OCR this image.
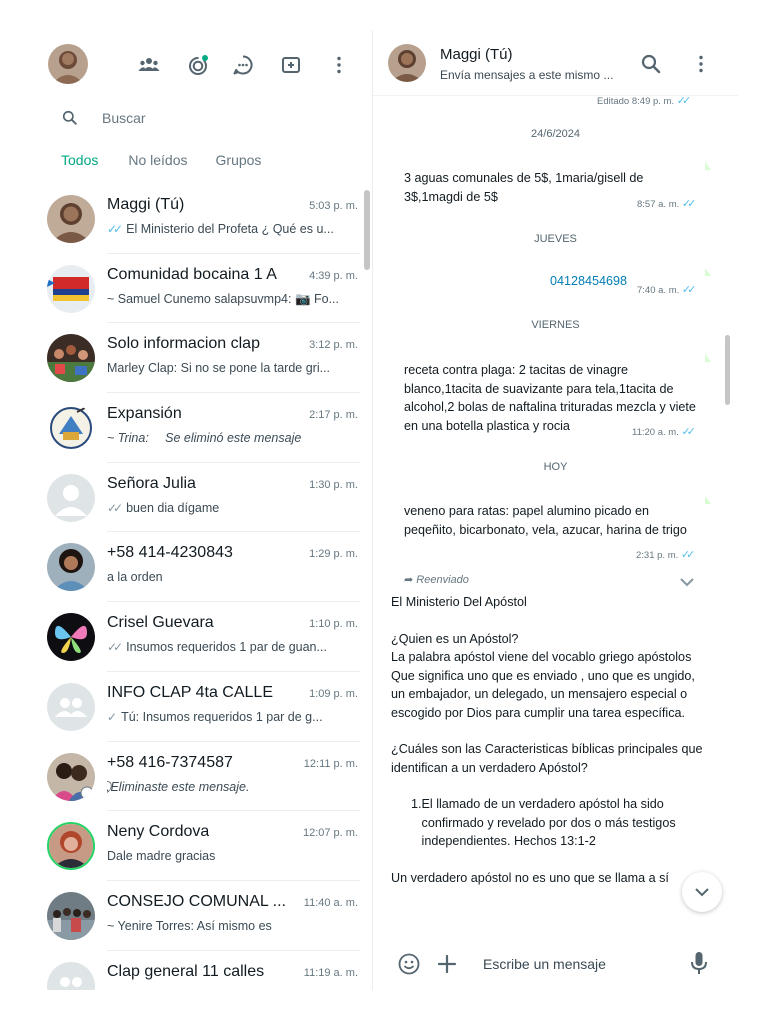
Buscar
Todos No leídos Grupos
Maggi (Tú)	5:03 p. m.
✓✓ El Ministerio del Profeta ¿ Qué es u...
Comunidad bocaina 1 A	4:39 p. m.
~ Samuel Cunemo salapsuvmp4: 📷 Fo...
Solo informacion clap	3:12 p. m.
Marley Clap: Si no se pone la tarde gri...
Expansión	2:17 p. m.
~ Trina: ⃠ Se eliminó este mensaje
Señora Julia	1:30 p. m.
✓✓ buen dia dígame
+58 414-4230843	1:29 p. m.
a la orden
Crisel Guevara	1:10 p. m.
✓✓ Insumos requeridos 1 par de guan...
INFO CLAP 4ta CALLE	1:09 p. m.
✓ Tú: Insumos requeridos 1 par de g...
+58 416-7374587	12:11 p. m.
⃠ Eliminaste este mensaje.
Neny Cordova	12:07 p. m.
Dale madre gracias
CONSEJO COMUNAL ... 11:40 a. m.
~ Yenire Torres: Así mismo es
Clap general 11 calles	11:19 a. m.
Maggi (Tú)
Envía mensajes a este mismo ...
Editado 8:49 p. m. ✓✓
24/6/2024
3 aguas comunales de 5$, 1maria/gisell de 3$,1magdi de 5$
8:57 a. m. ✓✓
JUEVES
04128454698
7:40 a. m. ✓✓
VIERNES
receta contra plaga: 2 tacitas de vinagre blanco,1tacita de suavizante para tela,1tacita de alcohol,2 bolas de naftalina trituradas mezcla y viete en una botella plastica y rocia	11:20 a. m. ✓✓
HOY
veneno para ratas: papel alumino picado en peqeñito, bicarbonato, vela, azucar, harina de trigo
2:31 p. m. ✓✓
➦ Reenviado
El Ministerio Del Apóstol
¿Quien es un Apóstol?
La palabra apóstol viene del vocablo griego apóstolos Que significa uno que es enviado , uno que es ungido, un embajador, un delegado, un mensajero especial o escogido por Dios para cumplir una tarea específica.
¿Cuáles son las Caracteristicas bíblicas principales que identifican a un verdadero Apóstol?
1. El llamado de un verdadero apóstol ha sido confirmado y revelado por dos o más testigos independientes. Hechos 13:1-2
Un verdadero apóstol no es uno que se llama a sí
Escribe un mensaje
